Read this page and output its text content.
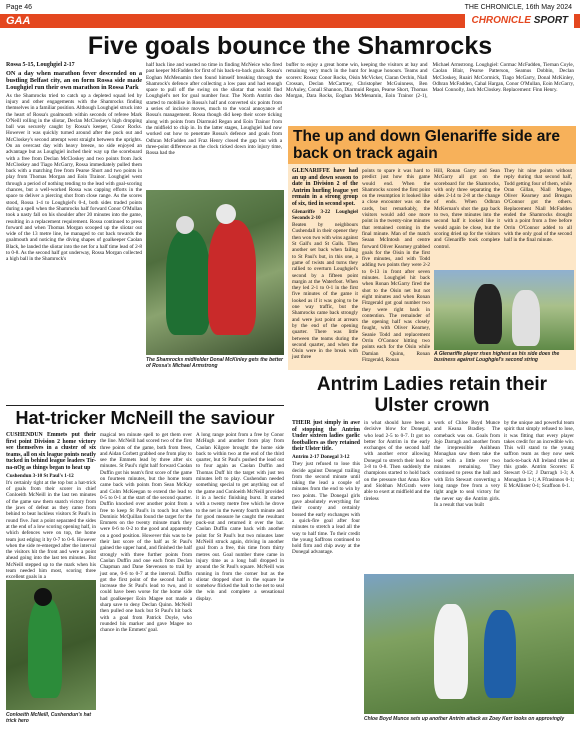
Page 46	THE CHRONICLE, 16th May 2024
GAA	CHRONICLE SPORT
Five goals bounce the Shamrocks

Rossa 5-15, Loughgiel 2-17

ON a day when marathon fever descended on a bustling Belfast city, an on form Rossa side made Loughgiel run their own marathon in Rossa Park

As the Shamrocks tried to catch up a depleted squad led by injury and other engagements with the Shamrocks finding themselves in a familiar position. Although Loughgiel struck into the heart of Rossa's goalmouth within seconds of referee Mark O'Neill rolling in the sliotar, Declan McCloskey's high dropping ball was securely caught by Rossa's keeper, Conor Rocks. However it was quickly turned around after the puck out and McCloskey's second attempt went straight between the uprights. On an overcast day with heavy breeze, no side enjoyed an advantage but as Loughgiel inched their way up the scoreboard with a free from Declan McCloskey and two points from Jack McCloskey and Tiago McGarry, Rossa immediately pulled them back with a matching free from Pearse Short and two points in play from Thomas Morgan and Eoin Trainor. Loughgiel went through a period of nothing tending to the lead with goal-scoring chances, but a well-worked Rossa was capping efforts in the space to deliver a piercing shot from close range. As the scores stood, Rossa 1-4 to Loughgiel's 0-4, both sides traded points during a spell when the Shamrocks half forward Conor O'Mullan took a nasty fall on his shoulder after 20 minutes into the game, resulting in a replacement requirement. Rossa continued to press forward and when Thomas Morgan scooped up the sliotar out wide of the 13 metre line, he managed to cut back towards the goalmouth and noticing the diving shapes of goalkeeper Caolan Black, he landed the sliotar into the net for a half time lead of 2-8 to 0-8. As the second half got underway, Rossa Morgan collected a high ball in the Shamrock's

half back line and wasted no time in finding McNeice who fired past keeper McFadden for first of his back-to-back goals. Rossa's Eoghan McMenamin then found himself breaking through the Shamrock's defence after collecting a low pass and had enough space to pull off the swing on the sliotar that would find Loughgiel's net for goal number four. The North Antrim duo started to mobilise in Rossa's half and converted six points from a series of incisive moves, much to the vocal annoyance of Rossa's management. Rossa though did keep their score ticking along with points from Diarmuid Regan and Eoin Trainor from the midfield to chip in. In the latter stages, Loughgiel had now worked out how to penetrate Rossa's defence and goals from Odhran McFadden and Fraz Henry closed the gap but with a three-point difference as the clock ticked down into injury time, Rossa had the

buffer to enjoy a great home win, keeping the visitors at bay and remaining very much in the hunt for league honours. Teams and scorers: Rossa: Conor Rocks, Oisin McVicker, Ciaran Orchin, Niall Crossan, Declan McCartney, Christopher McGuinness, Ben McAuley, Conall Shannon, Diarmuid Regan, Pearse Short, Thomas Morgan, Dara Rocks, Eoghan McMenamin, Eoin Trainor (2-1), Michael Armstrong. Loughgiel: Cormac McFadden, Tiernan Coyle, Caolan Blair, Pearse Patterson, Seamus Dobbin, Declan McCloskey, Ruairi McCormick, Tiago McGarry, Donal McKinley, Odhran McFadden, Cahal Hargan, Conor O'Mullan, Eoin McGarry, Maol Connolly, Jack McCloskey. Replacement: Finn Henry.

The Shamrocks midfielder Donal McKinley gets the better of Rossa's Michael Armstrong
The up and down Glenariffe side are back on track again

GLENARIFFE have had an up and down season to date in Division 2 of the Antrim hurling league yet remain in a strong group of six, tied in second spot.

Glenariffe 3-22 Loughgiel Seconds 2-10

Beaten by neighbours Cushendall in their opener they then won two with wins against St Gall's and St Galls. Then another set back when failing to St Paul's but, in this one, a game of twists and turns they rallied to overturn Loughgiel's second by a fifteen point margin at the Waterfoot. When they led 2-1 to 0-1 in the first five minutes of the game it looked as if it was going to be one way traffic, but the Shamrocks came back strongly and were just point at arrears by the end of the opening quarter. There was little between the teams during the second quarter, and when the Oisin were in the break with just three

points to spare it was hard to predict just how this game would end. When the Shamrocks scored the first point on the resumption it looked like a close encounter was on the cards, but remarkably, the visitors would add one more point in the twenty-nine minutes that remained coming in the final minute. Man of the match Seaan McIntosh and centre forward Oliver Kearney grabbed goals for the Oisin in the first five minutes, and with Todd adding two points they were 2-2 to 0-13 in front after seven minutes. Loughgiel hit back when Ronan McGarry fired the shot to the Oisin net but not eight minutes and when Ronan Fitzgerald got goal number two they were right back in contention. The remainder of the opening half was closely fought, with Oliver Kearney, Seanie Todd and replacement Orrin O'Connor hitting two points each for the Oisin while Damian Quinn, Ronan Fitzgerald, Ronan

Hill, Ronan Garry and Sean McGarry all got on the scoreboard for the Shamrocks, with only three separating the sides 2-14 to 2-8 at the change of ends. When Odhran McKernan's shot the gap back to two, three minutes into the second half it looked like it would again be close, but the scoring dried up for the visitors and Glenariffe took complete control.

They hit nine points without reply during that second half, Todd getting four of them, while Oran Gillan, Niall Magee, Oliver Kearney and Breagan O'Connor got the others. Replacement Niall McFadden ended the Shamrocks drought with a point from a free before Orrin O'Connor added to all with the only goal of the second half in the final minute.

A Glenariffe player rises highest as his side does the business against Loughgiel's second string
Hat-tricker McNeill the saviour

CUSHENDUN Emmets put their first point Division 2 home victory see themselves in a cluster of six teams, all on six league points neatly tucked in behind league leaders Tir-na-nOg as things began to heat up

Cushendun 3-10 St Paul's 1-12

It's certainly tight at the top but a hat-trick of goals from their scorer in chief Conloeith McNeill in the last ten minutes of the game saw them snatch victory from the jaws of defeat as they came from behind to beat luckless visitors St Paul's in round five. Just a point separated the sides at the end of a low scoring opening half, in which defences were on top, the home team just edging it by 0-7 to 0-6. However when the side re-emerged after the interval the visitors hit the front and were a point ahead going into the last ten minutes. But McNeill stepped up to the mark when his team needed him most, scoring three excellent goals in a

magical ten minute spell to get them over the line. McNeill had scored two of the first three points of the game, both from frees, and Aidan Corbett grabbed one from play to see the Emmets lead by three after six minutes. St Paul's right half forward Caolan Duffin got his team's first score of the game on fourteen minutes, but the home team came back with points from Sean McKay and Colm McKeegan to extend the lead to 0-5 to 0-1 at the start of the second quarter. Duffin knocked over another point from a free to keep St Paul's in touch but when Dominic McQuillan found the target for the Emmets on the twenty minute mark they were 0-6 to 0-2 to the good and apparently on a good position. However this was to be their last score of the half as St Paul's gained the upper hand, and finished the half strongly with three further points from Caolan Duffin and one each from Declan Chapman and Dane Stevenson to trail by just one, 0-6 to 0-7 at the interval. Duffin got the first point of the second half to increase the St Paul's lead to two, and it could have been worse for the home side had goalkeeper Eoin Magee not made a sharp save to deny Declan Quinn. McNeill then pulled one back but St Paul's hit back with a goal from Patrick Doyle, who rounded his marker and gave Magee no chance in the Emmets' goal.

A long range point from a free by Conor McHugh and another from play from Caolan Kilgore brought the home side back to within two at the end of the third quarter, but St Paul's pushed the lead out to four again as Caolan Duffin and Thomas Duff hit the target with just ten minutes left to play. Cushendun needed something special to get anything out of the game and Conloeith McNeill provided it in a hectic finishing burst. It started with a twenty metre free which he drove to the net in the twenty fourth minute and for good measure he caught the resultant puck-out and returned it over the bar. Caolan Duffin came back with another point for St Paul's but two minutes later McNeill struck again, driving in another goal from a free, this time from thirty metres out. Goal number three came in injury time as a long ball dropped in around the St Paul's square. McNeill was running in from the corner but as the sliotar dropped short in the square he somehow flicked the ball to the net to seal the win and complete a sensational display.

Conloeith McNeill, Cushendun's hat trick hero
Antrim Ladies retain their Ulster crown

THEIR just simply in awe of stopping the Antrim Under sixteen ladies gaelic footballers as they retained their Ulster title.

Antrim 2-17 Donegal 3-12

They just refused to lose this decide against Donegal trailing from the second minute until taking the lead a couple of minutes from the end to win by two points. The Donegal girls gave absolutely everything for their county and certainly bossed the early exchanges with a quick-fire goal after four minutes to stretch a lead all the way to half time. To their credit the young Saffrons continued to hold firm and chip away at the Donegal advantage.

in what should have been a decisive blow for Donegal, who lead 2-5 to 0-7. It got no better for Antrim in the early exchanges of the second half with another error allowing Donegal to stretch their lead to 3-8 to 0-8. Then suddenly the champions started to hold back on the pressure that Anna Rice and Siobhan McGrath were able to exert at midfield and the tireless

work of Chloe Boyd Munce and Keana Bradley. The comeback was on. Goals from Jojo Darragh and another from the irrepressible Aoibhean Monaghan saw them take the lead with a little over two minutes remaining. They continued to press the ball and with Erin Stewart converting a long range free from a very tight angle to seal victory for the never say die Antrim girls. In a result that was built

by the unique and powerful team spirit that simply refused to lose, it was fitting that every player takes credit for an incredible win. This will stand to the young saffron team as they now seek back-to-back All Ireland titles at this grade. Antrim Scorers: E Stewart 0-12; J Darragh 1-3; A Monaghan 1-1; A Ffrasinnos 0-1; E McAllister 0-1; Scaffoon 0-1.

Chloe Boyd Munce sets up another Antrim attack as Zoey Kerr looks on approvingly
